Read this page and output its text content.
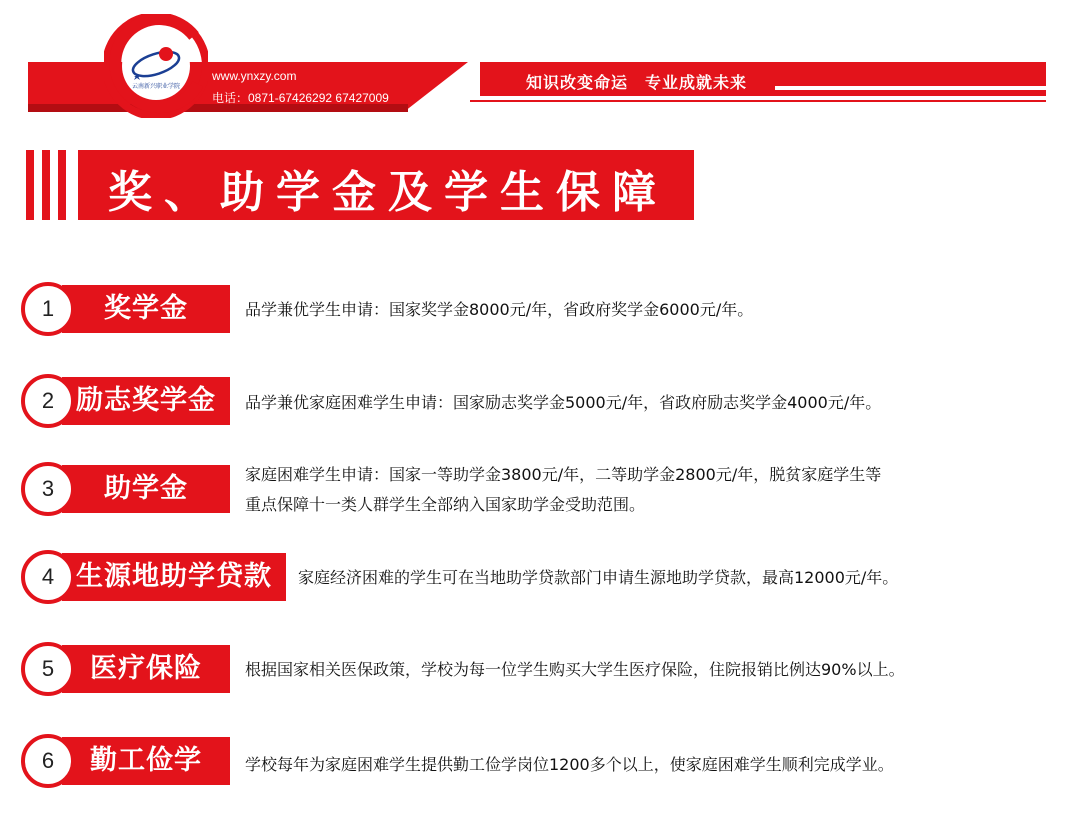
云南新兴职业学院
www.ynxzy.com
电话：0871-67426292 67427009
知识改变命运　专业成就未来
奖、助学金及学生保障
奖学金
1	品学兼优学生申请：国家奖学金8000元/年，省政府奖学金6000元/年。
励志奖学金
2	品学兼优家庭困难学生申请：国家励志奖学金5000元/年，省政府励志奖学金4000元/年。
助学金
3
家庭困难学生申请：国家一等助学金3800元/年，二等助学金2800元/年，脱贫家庭学生等
重点保障十一类人群学生全部纳入国家助学金受助范围。
生源地助学贷款
4	家庭经济困难的学生可在当地助学贷款部门申请生源地助学贷款，最高12000元/年。
医疗保险
5	根据国家相关医保政策，学校为每一位学生购买大学生医疗保险，住院报销比例达90%以上。
勤工俭学
6	学校每年为家庭困难学生提供勤工俭学岗位1200多个以上，使家庭困难学生顺利完成学业。
